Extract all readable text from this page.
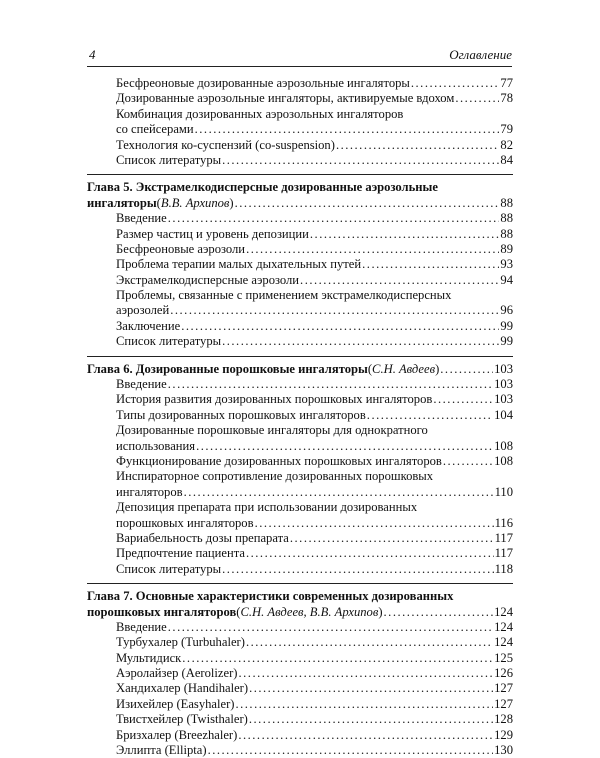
4	Оглавление
Бесфреоновые дозированные аэрозольные ингаляторы .....	77
Дозированные аэрозольные ингаляторы, активируемые вдохом .....	78
Комбинация дозированных аэрозольных ингаляторов
со спейсерами .....	79
Технология ко-суспензий (co-suspension) .....	82
Список литературы .....	84
Глава 5. Экстрамелкодисперсные дозированные аэрозольные
ингаляторы ( В.В. Архипов ) .....	88
Введение .....	88
Размер частиц и уровень депозиции .....	88
Бесфреоновые аэрозоли .....	89
Проблема терапии малых дыхательных путей .....	93
Экстрамелкодисперсные аэрозоли .....	94
Проблемы, связанные с применением экстрамелкодисперсных
аэрозолей .....	96
Заключение .....	99
Список литературы .....	99
Глава 6. Дозированные порошковые ингаляторы ( С.Н. Авдеев ) .....	103
Введение .....	103
История развития дозированных порошковых ингаляторов .....	103
Типы дозированных порошковых ингаляторов .....	104
Дозированные порошковые ингаляторы для однократного
использования .....	108
Функционирование дозированных порошковых ингаляторов .....	108
Инспираторное сопротивление дозированных порошковых
ингаляторов .....	110
Депозиция препарата при использовании дозированных
порошковых ингаляторов .....	116
Вариабельность дозы препарата .....	117
Предпочтение пациента .....	117
Список литературы .....	118
Глава 7. Основные характеристики современных дозированных
порошковых ингаляторов ( С.Н. Авдеев, В.В. Архипов ) .....	124
Введение .....	124
Турбухалер (Turbuhaler) .....	124
Мультидиск .....	125
Аэролайзер (Aerolizer) .....	126
Хандихалер (Handihaler) .....	127
Изихейлер (Easyhaler) .....	127
Твистхейлер (Twisthaler) .....	128
Бризхалер (Breezhaler) .....	129
Эллипта (Ellipta) .....	130
